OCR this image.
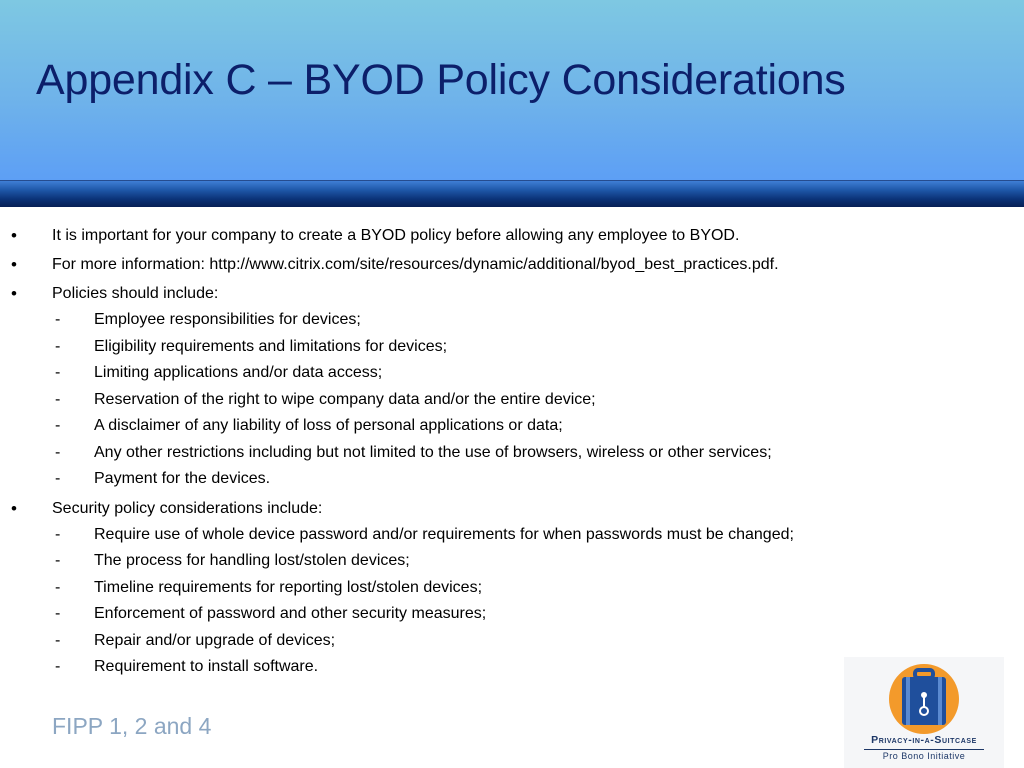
Appendix C – BYOD Policy Considerations
• It is important for your company to create a BYOD policy before allowing any employee to BYOD.
• For more information: http://www.citrix.com/site/resources/dynamic/additional/byod_best_practices.pdf.
• Policies should include:
- Employee responsibilities for devices;
- Eligibility requirements and limitations for devices;
- Limiting applications and/or data access;
- Reservation of the right to wipe company data and/or the entire device;
- A disclaimer of any liability of loss of personal applications or data;
- Any other restrictions including but not limited to the use of browsers, wireless or other services;
- Payment for the devices.
• Security policy considerations include:
- Require use of whole device password and/or requirements for when passwords must be changed;
- The process for handling lost/stolen devices;
- Timeline requirements for reporting lost/stolen devices;
- Enforcement of password and other security measures;
- Repair and/or upgrade of devices;
- Requirement to install software.
FIPP 1, 2 and 4
Privacy-in-a-Suitcase
Pro Bono Initiative
